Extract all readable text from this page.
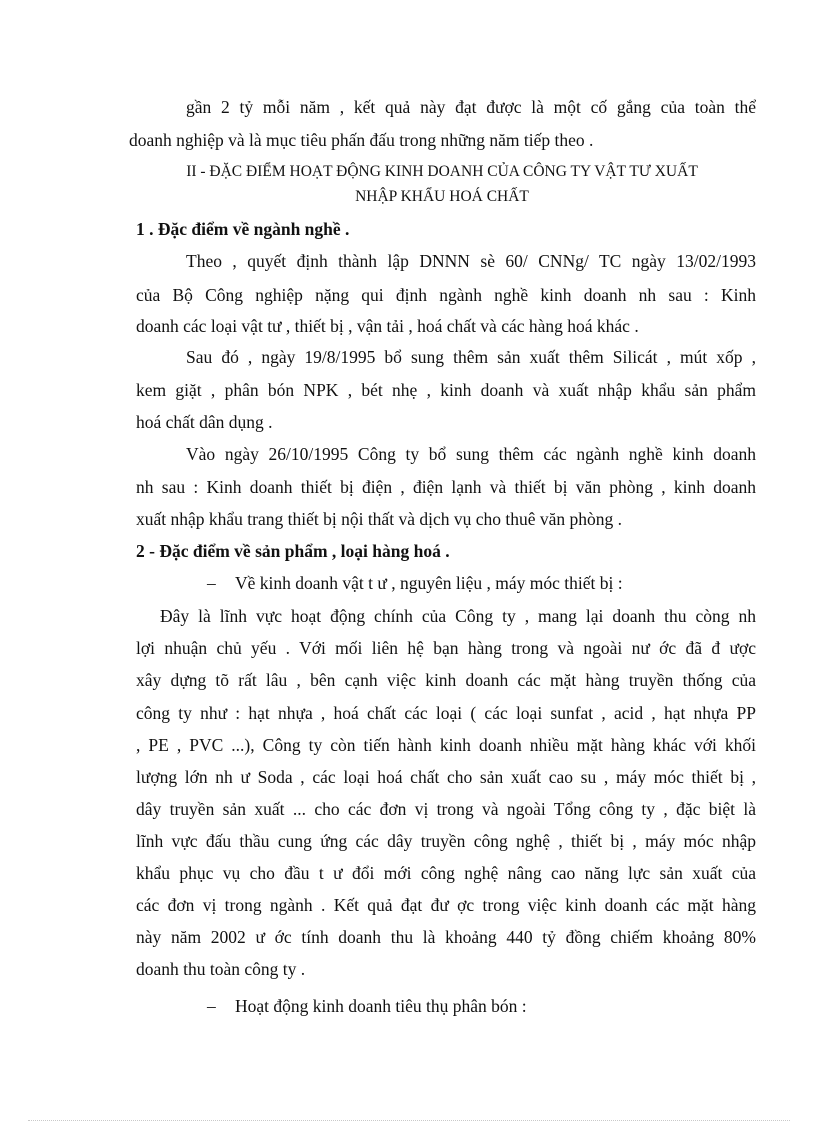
gần 2 tỷ mỗi năm , kết quả này đạt được là một cố gắng của toàn thể
doanh nghiệp và là mục tiêu phấn đấu trong những năm tiếp theo .
II - ĐẶC ĐIỂM HOẠT ĐỘNG KINH DOANH CỦA CÔNG TY VẬT TƯ XUẤT
NHẬP KHẨU HOÁ CHẤT
1 . Đặc điểm về ngành nghề .
Theo , quyết định thành lập DNNN sè 60/ CNNg/ TC ngày 13/02/1993
của Bộ Công nghiệp nặng qui định ngành nghề kinh doanh nh sau : Kinh
doanh các loại vật tư , thiết bị , vận tải , hoá chất và các hàng hoá khác .
Sau đó , ngày 19/8/1995 bổ sung thêm sản xuất thêm Silicát , mút xốp ,
kem giặt , phân bón NPK , bét nhẹ , kinh doanh và xuất nhập khẩu sản phẩm
hoá chất dân dụng .
Vào ngày 26/10/1995 Công ty bổ sung thêm các ngành nghề kinh doanh
nh sau : Kinh doanh thiết bị điện , điện lạnh và thiết bị văn phòng , kinh doanh
xuất nhập khẩu trang thiết bị nội thất và dịch vụ cho thuê văn phòng .
2 - Đặc điểm về sản phẩm , loại hàng hoá .
– Về kinh doanh vật t ư , nguyên liệu , máy móc thiết bị :
Đây là lĩnh vực hoạt động chính của Công ty , mang lại doanh thu còng nh
lợi nhuận chủ yếu . Với mối liên hệ bạn hàng trong và ngoài nư ớc đã đ ược
xây dựng tõ rất lâu , bên cạnh việc kinh doanh các mặt hàng truyền thống của
công ty như : hạt nhựa , hoá chất các loại ( các loại sunfat , acid , hạt nhựa PP
, PE , PVC ...), Công ty còn tiến hành kinh doanh nhiều mặt hàng khác với khối
lượng lớn nh ư Soda , các loại hoá chất cho sản xuất cao su , máy móc thiết bị ,
dây truyền sản xuất ... cho các đơn vị trong và ngoài Tổng công ty , đặc biệt là
lĩnh vực đấu thầu cung ứng các dây truyền công nghệ , thiết bị , máy móc nhập
khẩu phục vụ cho đầu t ư đổi mới công nghệ nâng cao năng lực sản xuất của
các đơn vị trong ngành . Kết quả đạt đư ợc trong việc kinh doanh các mặt hàng
này năm 2002 ư ớc tính doanh thu là khoảng 440 tỷ đồng chiếm khoảng 80%
doanh thu toàn công ty .
– Hoạt động kinh doanh tiêu thụ phân bón :
